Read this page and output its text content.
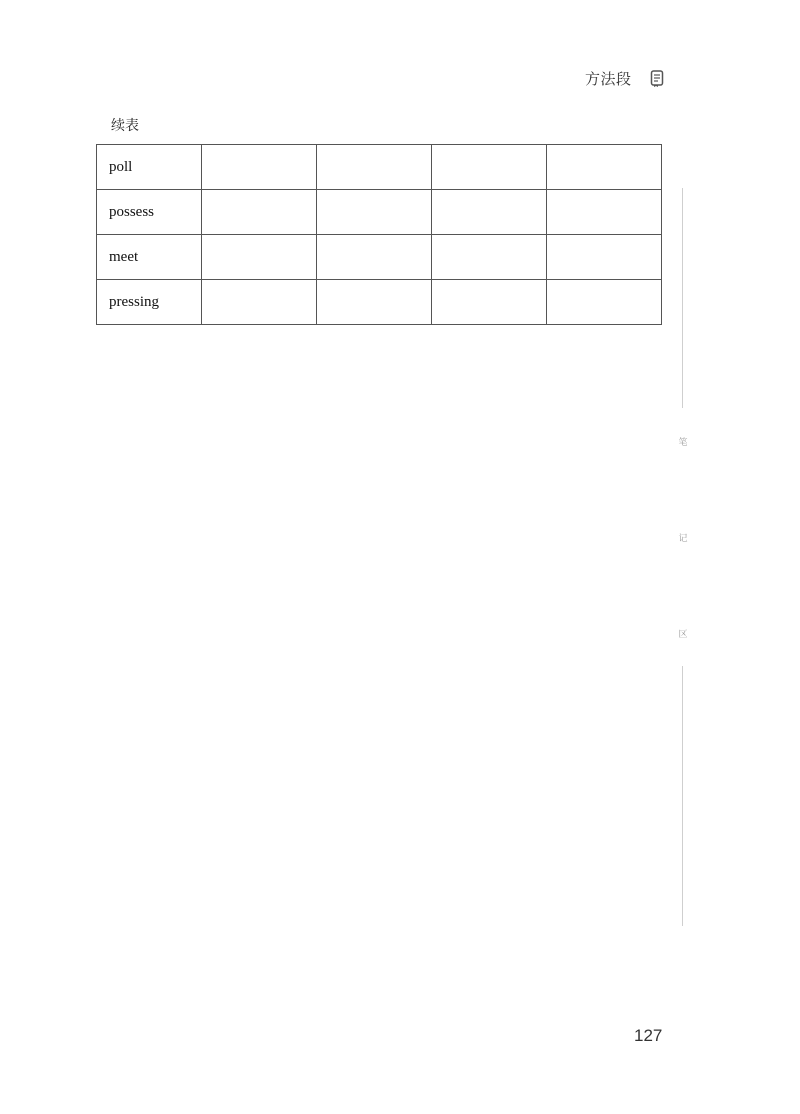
方法段
续表
poll				
possess				
meet				
pressing				
笔
记
区
127
